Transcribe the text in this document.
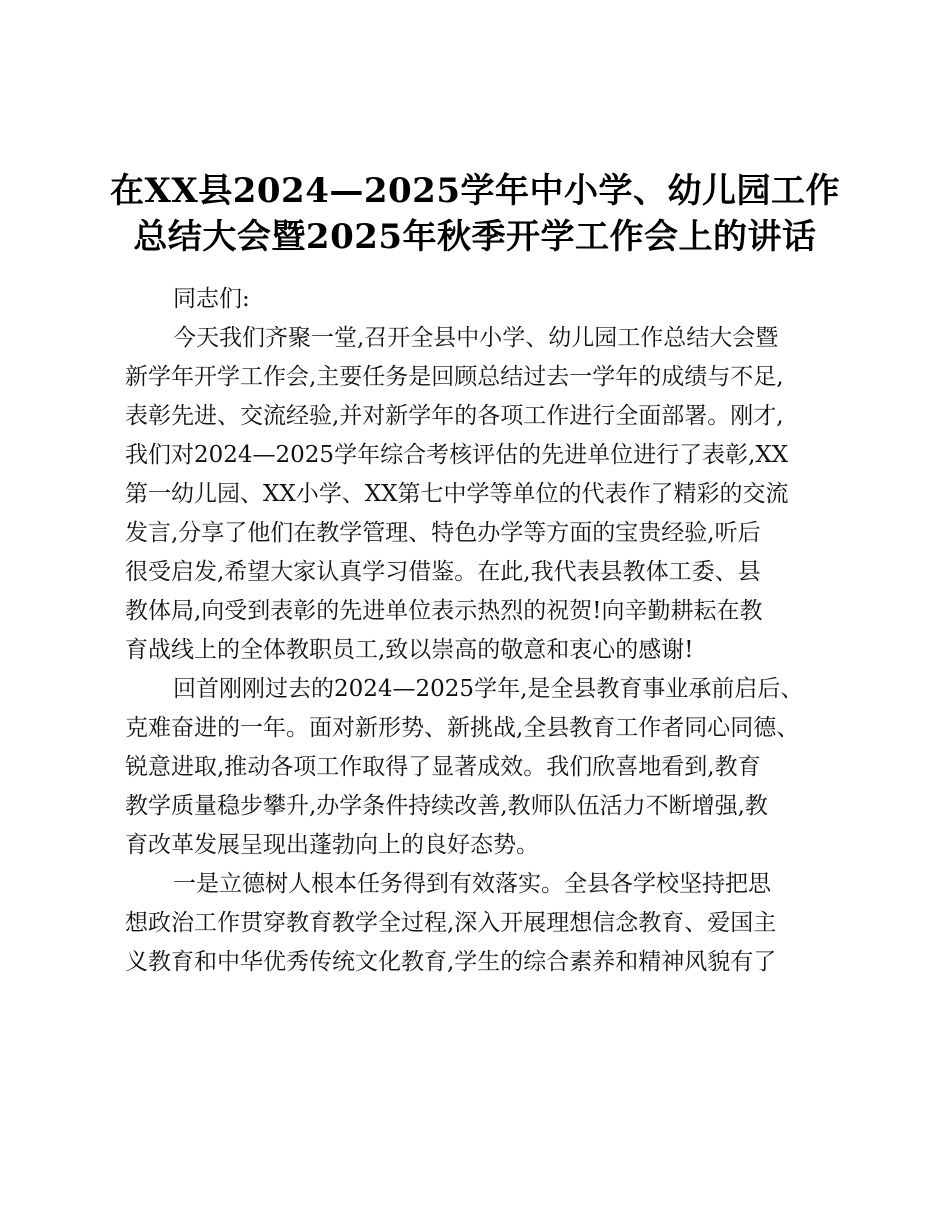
在XX县2024—2025学年中小学、幼儿园工作
总结大会暨2025年秋季开学工作会上的讲话

同志们:

今天我们齐聚一堂,召开全县中小学、幼儿园工作总结大会暨
新学年开学工作会,主要任务是回顾总结过去一学年的成绩与不足,
表彰先进、交流经验,并对新学年的各项工作进行全面部署。刚才,
我们对2024—2025学年综合考核评估的先进单位进行了表彰,XX
第一幼儿园、XX小学、XX第七中学等单位的代表作了精彩的交流
发言,分享了他们在教学管理、特色办学等方面的宝贵经验,听后
很受启发,希望大家认真学习借鉴。在此,我代表县教体工委、县
教体局,向受到表彰的先进单位表示热烈的祝贺!向辛勤耕耘在教
育战线上的全体教职员工,致以崇高的敬意和衷心的感谢!

回首刚刚过去的2024—2025学年,是全县教育事业承前启后、
克难奋进的一年。面对新形势、新挑战,全县教育工作者同心同德、
锐意进取,推动各项工作取得了显著成效。我们欣喜地看到,教育
教学质量稳步攀升,办学条件持续改善,教师队伍活力不断增强,教
育改革发展呈现出蓬勃向上的良好态势。

一是立德树人根本任务得到有效落实。全县各学校坚持把思
想政治工作贯穿教育教学全过程,深入开展理想信念教育、爱国主
义教育和中华优秀传统文化教育,学生的综合素养和精神风貌有了
